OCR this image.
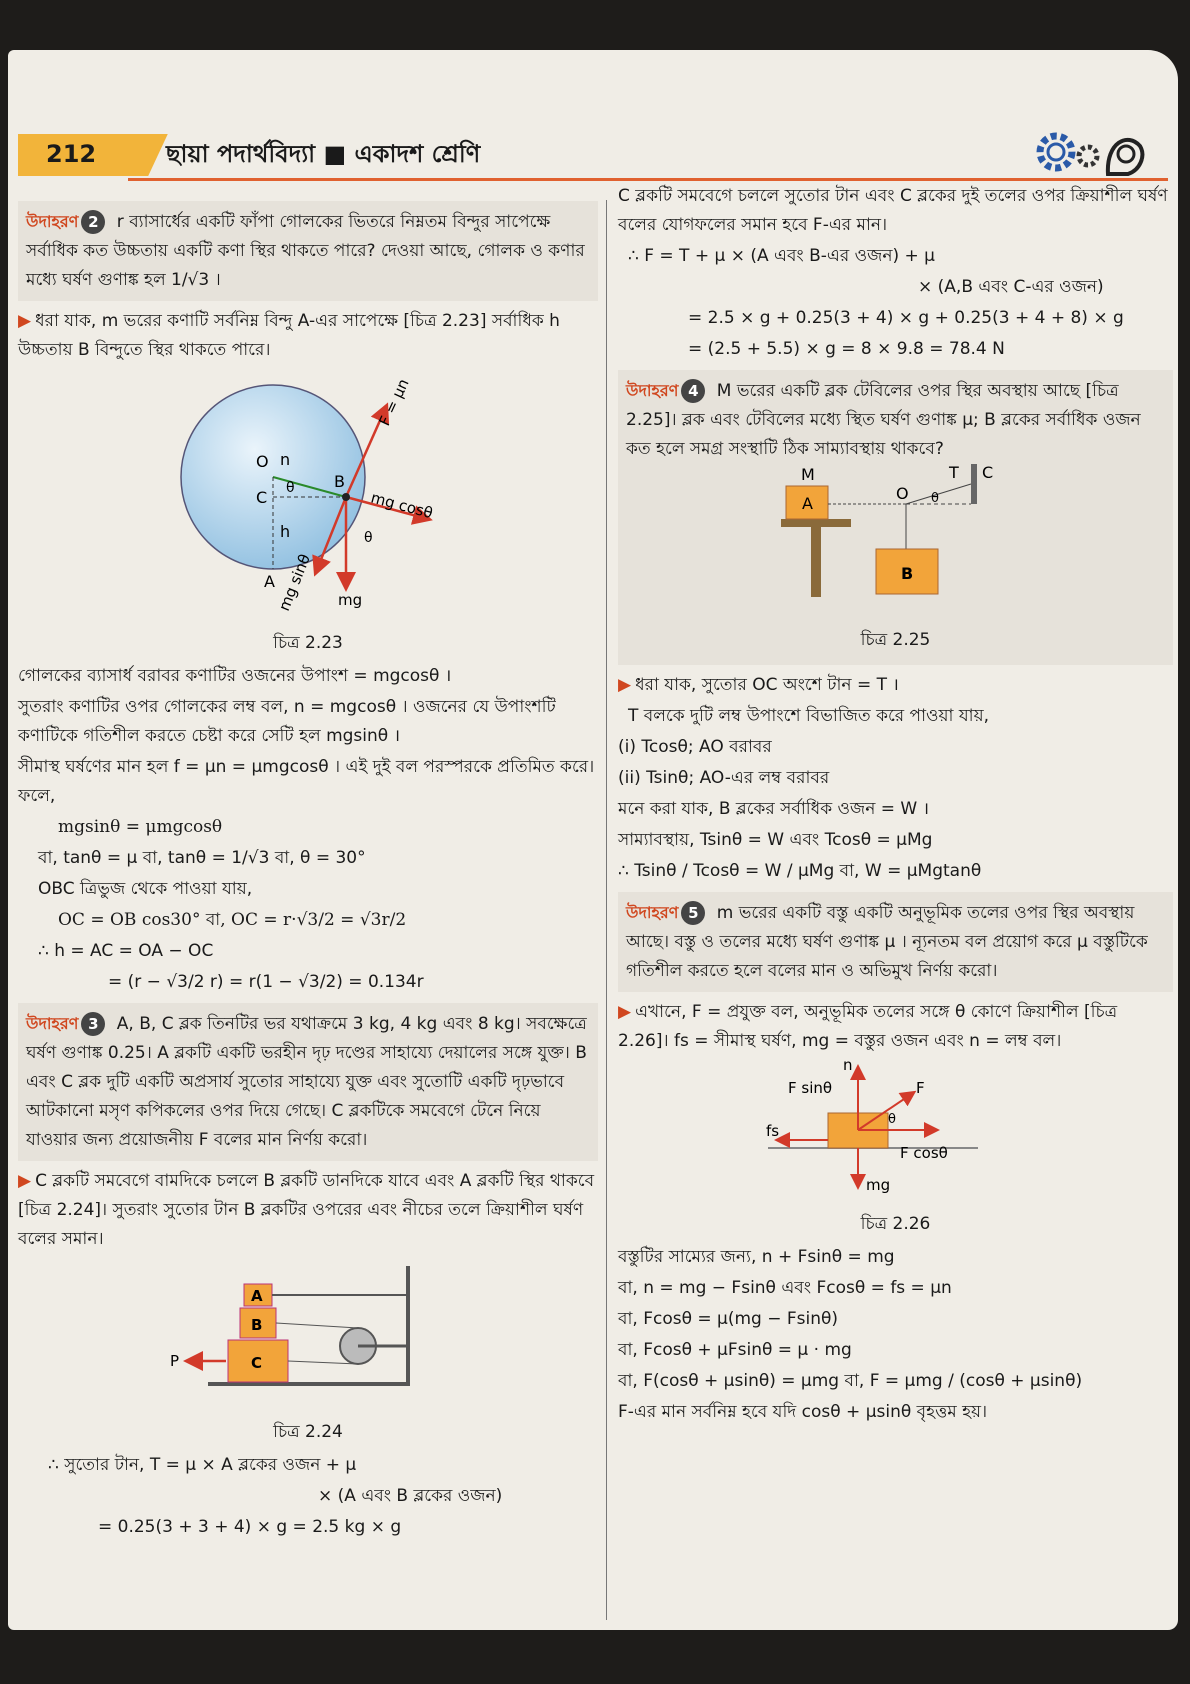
212	ছায়া পদার্থবিদ্যা ■ একাদশ শ্রেণি
উদাহরণ 2 r ব্যাসার্ধের একটি ফাঁপা গোলকের ভিতরে নিম্নতম বিন্দুর সাপেক্ষে সর্বাধিক কত উচ্চতায় একটি কণা স্থির থাকতে পারে? দেওয়া আছে, গোলক ও কণার মধ্যে ঘর্ষণ গুণাঙ্ক হল 1/√3 ।

▶ ধরা যাক, m ভরের কণাটি সর্বনিম্ন বিন্দু A-এর সাপেক্ষে [চিত্র 2.23] সর্বাধিক h উচ্চতায় B বিন্দুতে স্থির থাকতে পারে।

O n
C θ B
h
A
F = μn
mg cosθ
θ
mg sinθ mg

চিত্র 2.23

গোলকের ব্যাসার্ধ বরাবর কণাটির ওজনের উপাংশ = mgcosθ ।

সুতরাং কণাটির ওপর গোলকের লম্ব বল, n = mgcosθ । ওজনের যে উপাংশটি কণাটিকে গতিশীল করতে চেষ্টা করে সেটি হল mgsinθ ।

সীমাস্থ ঘর্ষণের মান হল f = μn = μmgcosθ । এই দুই বল পরস্পরকে প্রতিমিত করে। ফলে,

mgsinθ = μmgcosθ

বা, tanθ = μ বা, tanθ = 1/√3 বা, θ = 30°

OBC ত্রিভুজ থেকে পাওয়া যায়,

OC = OB cos30° বা, OC = r·√3/2 = √3r/2

∴ h = AC = OA − OC

= (r − √3/2 r) = r(1 − √3/2) = 0.134r

উদাহরণ 3 A, B, C ব্লক তিনটির ভর যথাক্রমে 3 kg, 4 kg এবং 8 kg। সবক্ষেত্রে ঘর্ষণ গুণাঙ্ক 0.25। A ব্লকটি একটি ভরহীন দৃঢ় দণ্ডের সাহায্যে দেয়ালের সঙ্গে যুক্ত। B এবং C ব্লক দুটি একটি অপ্রসার্য সুতোর সাহায্যে যুক্ত এবং সুতোটি একটি দৃঢ়ভাবে আটকানো মসৃণ কপিকলের ওপর দিয়ে গেছে। C ব্লকটিকে সমবেগে টেনে নিয়ে যাওয়ার জন্য প্রয়োজনীয় F বলের মান নির্ণয় করো।

▶ C ব্লকটি সমবেগে বামদিকে চললে B ব্লকটি ডানদিকে যাবে এবং A ব্লকটি স্থির থাকবে [চিত্র 2.24]। সুতরাং সুতোর টান B ব্লকটির ওপরের এবং নীচের তলে ক্রিয়াশীল ঘর্ষণ বলের সমান।

A
B
C
P

চিত্র 2.24

∴ সুতোর টান, T = μ × A ব্লকের ওজন + μ

× (A এবং B ব্লকের ওজন)

= 0.25(3 + 3 + 4) × g = 2.5 kg × g

C ব্লকটি সমবেগে চললে সুতোর টান এবং C ব্লকের দুই তলের ওপর ক্রিয়াশীল ঘর্ষণ বলের যোগফলের সমান হবে F-এর মান।

∴ F = T + μ × (A এবং B-এর ওজন) + μ

× (A,B এবং C-এর ওজন)

= 2.5 × g + 0.25(3 + 4) × g + 0.25(3 + 4 + 8) × g

= (2.5 + 5.5) × g = 8 × 9.8 = 78.4 N

উদাহরণ 4 M ভরের একটি ব্লক টেবিলের ওপর স্থির অবস্থায় আছে [চিত্র 2.25]। ব্লক এবং টেবিলের মধ্যে স্থিত ঘর্ষণ গুণাঙ্ক μ; B ব্লকের সর্বাধিক ওজন কত হলে সমগ্র সংস্থাটি ঠিক সাম্যাবস্থায় থাকবে?
M
A
O θ
T C
B

চিত্র 2.25

▶ ধরা যাক, সুতোর OC অংশে টান = T ।

T বলকে দুটি লম্ব উপাংশে বিভাজিত করে পাওয়া যায়,

(i) Tcosθ; AO বরাবর

(ii) Tsinθ; AO-এর লম্ব বরাবর

মনে করা যাক, B ব্লকের সর্বাধিক ওজন = W ।

সাম্যাবস্থায়, Tsinθ = W এবং Tcosθ = μMg

∴ Tsinθ / Tcosθ = W / μMg বা, W = μMgtanθ

উদাহরণ 5 m ভরের একটি বস্তু একটি অনুভূমিক তলের ওপর স্থির অবস্থায় আছে। বস্তু ও তলের মধ্যে ঘর্ষণ গুণাঙ্ক μ । ন্যূনতম বল প্রয়োগ করে μ বস্তুটিকে গতিশীল করতে হলে বলের মান ও অভিমুখ নির্ণয় করো।

▶ এখানে, F = প্রযুক্ত বল, অনুভূমিক তলের সঙ্গে θ কোণে ক্রিয়াশীল [চিত্র 2.26]। fs = সীমাস্থ ঘর্ষণ, mg = বস্তুর ওজন এবং n = লম্ব বল।

n
F sinθ	F
θ
fs
F cosθ
mg

চিত্র 2.26

বস্তুটির সাম্যের জন্য, n + Fsinθ = mg

বা, n = mg − Fsinθ এবং Fcosθ = fs = μn

বা, Fcosθ = μ(mg − Fsinθ)

বা, Fcosθ + μFsinθ = μ · mg

বা, F(cosθ + μsinθ) = μmg বা, F = μmg / (cosθ + μsinθ)

F-এর মান সর্বনিম্ন হবে যদি cosθ + μsinθ বৃহত্তম হয়।
